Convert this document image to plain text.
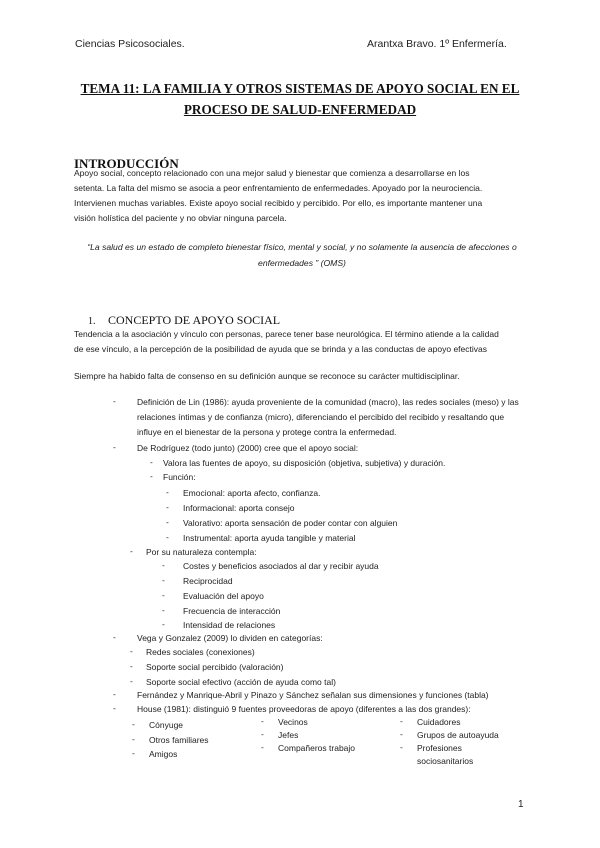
Ciencias Psicosociales.	Arantxa Bravo. 1º Enfermería.
TEMA 11: LA FAMILIA Y OTROS SISTEMAS DE APOYO SOCIAL EN EL PROCESO DE SALUD-ENFERMEDAD
INTRODUCCIÓN
Apoyo social, concepto relacionado con una mejor salud y bienestar que comienza a desarrollarse en los
setenta. La falta del mismo se asocia a peor enfrentamiento de enfermedades. Apoyado por la neurociencia.
Intervienen muchas variables. Existe apoyo social recibido y percibido. Por ello, es importante mantener una
visión holística del paciente y no obviar ninguna parcela.
“La salud es un estado de completo bienestar físico, mental y social, y no solamente la ausencia de afecciones o
enfermedades ” (OMS)
1. CONCEPTO DE APOYO SOCIAL
Tendencia a la asociación y vínculo con personas, parece tener base neurológica. El término atiende a la calidad
de ese vínculo, a la percepción de la posibilidad de ayuda que se brinda y a las conductas de apoyo efectivas
Siempre ha habido falta de consenso en su definición aunque se reconoce su carácter multidisciplinar.
- Definición de Lin (1986): ayuda proveniente de la comunidad (macro), las redes sociales (meso) y las
relaciones íntimas y de confianza (micro), diferenciando el percibido del recibido y resaltando que
influye en el bienestar de la persona y protege contra la enfermedad.
- De Rodríguez (todo junto) (2000) cree que el apoyo social:
- Valora las fuentes de apoyo, su disposición (objetiva, subjetiva) y duración.
- Función:
- Emocional: aporta afecto, confianza.
- Informacional: aporta consejo
- Valorativo: aporta sensación de poder contar con alguien
- Instrumental: aporta ayuda tangible y material
- Por su naturaleza contempla:
- Costes y beneficios asociados al dar y recibir ayuda
- Reciprocidad
- Evaluación del apoyo
- Frecuencia de interacción
- Intensidad de relaciones
- Vega y Gonzalez (2009) lo dividen en categorías:
- Redes sociales (conexiones)
- Soporte social percibido (valoración)
- Soporte social efectivo (acción de ayuda como tal)
- Fernández y Manrique-Abril y Pinazo y Sánchez señalan sus dimensiones y funciones (tabla)
- House (1981): distinguió 9 fuentes proveedoras de apoyo (diferentes a las dos grandes):
- Cónyuge
- Otros familiares
- Amigos
- Vecinos
- Jefes
- Compañeros trabajo
- Cuidadores
- Grupos de autoayuda
- Profesiones
sociosanitarios
1
